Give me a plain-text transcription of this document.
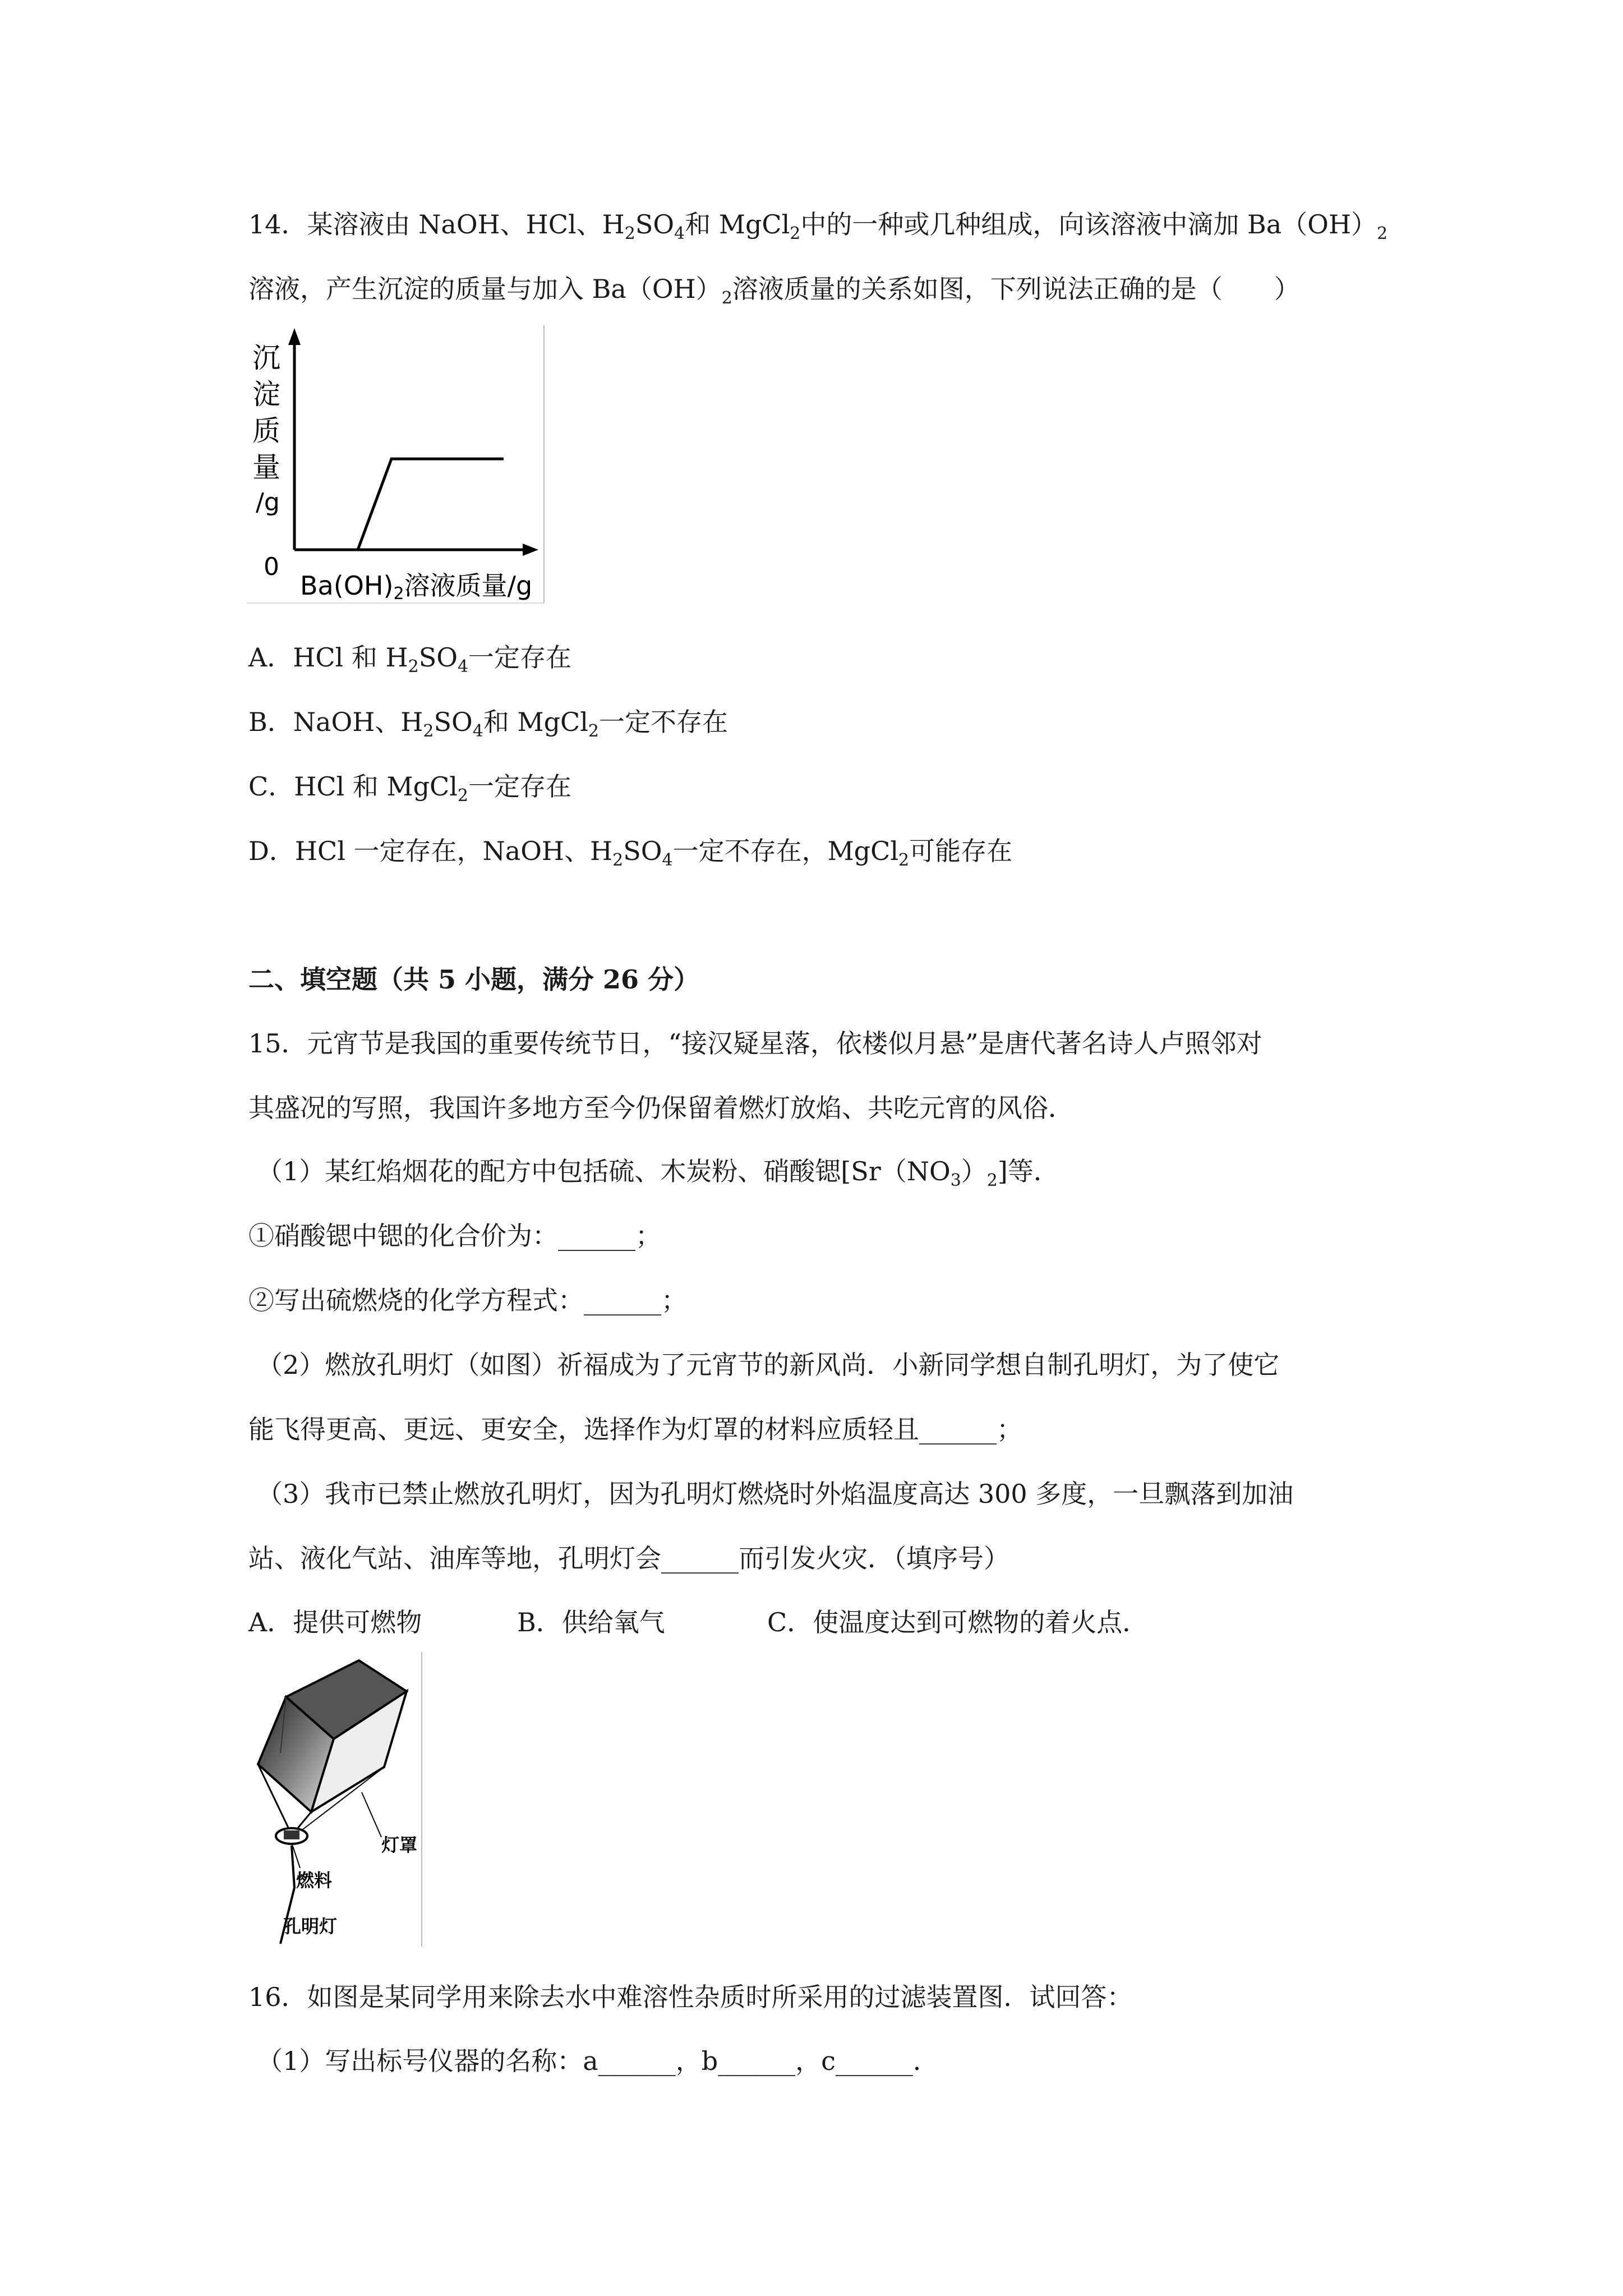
14．某溶液由 NaOH、HCl、$H_2SO_4$和 MgCl$_2$中的一种或几种组成，向该溶液中滴加 $Ba(OH)_2$
溶液，产生沉淀的质量与加入 $Ba(OH)_2$溶液质量的关系如图，下列说法正确的是（　　）
沉
淀
质
量
/g
0
Ba(OH)2溶液质量/g
A．HCl 和 $H_2SO_4$一定存在
B．NaOH、$H_2SO_4$和 MgCl$_2$一定不存在
C．HCl 和 MgCl$_2$一定存在
D．HCl 一定存在，NaOH、$H_2SO_4$一定不存在，MgCl$_2$可能存在
二、填空题（共 5 小题，满分 26 分）
15．元宵节是我国的重要传统节日，“接汉疑星落，依楼似月悬”是唐代著名诗人卢照邻对
其盛况的写照，我国许多地方至今仍保留着燃灯放焰、共吃元宵的风俗．
（1）某红焰烟花的配方中包括硫、木炭粉、硝酸锶$[Sr(NO_3)_2]$等．
①硝酸锶中锶的化合价为：______；
②写出硫燃烧的化学方程式：______；
（2）燃放孔明灯（如图）祈福成为了元宵节的新风尚．小新同学想自制孔明灯，为了使它
能飞得更高、更远、更安全，选择作为灯罩的材料应质轻且______；
（3）我市已禁止燃放孔明灯，因为孔明灯燃烧时外焰温度高达 300 多度，一旦飘落到加油
站、液化气站、油库等地，孔明灯会______而引发火灾．（填序号）
A．提供可燃物	B．供给氧气	C．使温度达到可燃物的着火点．
灯罩
燃料
孔明灯
16．如图是某同学用来除去水中难溶性杂质时所采用的过滤装置图．试回答：
（1）写出标号仪器的名称：a______，b______，c______．
